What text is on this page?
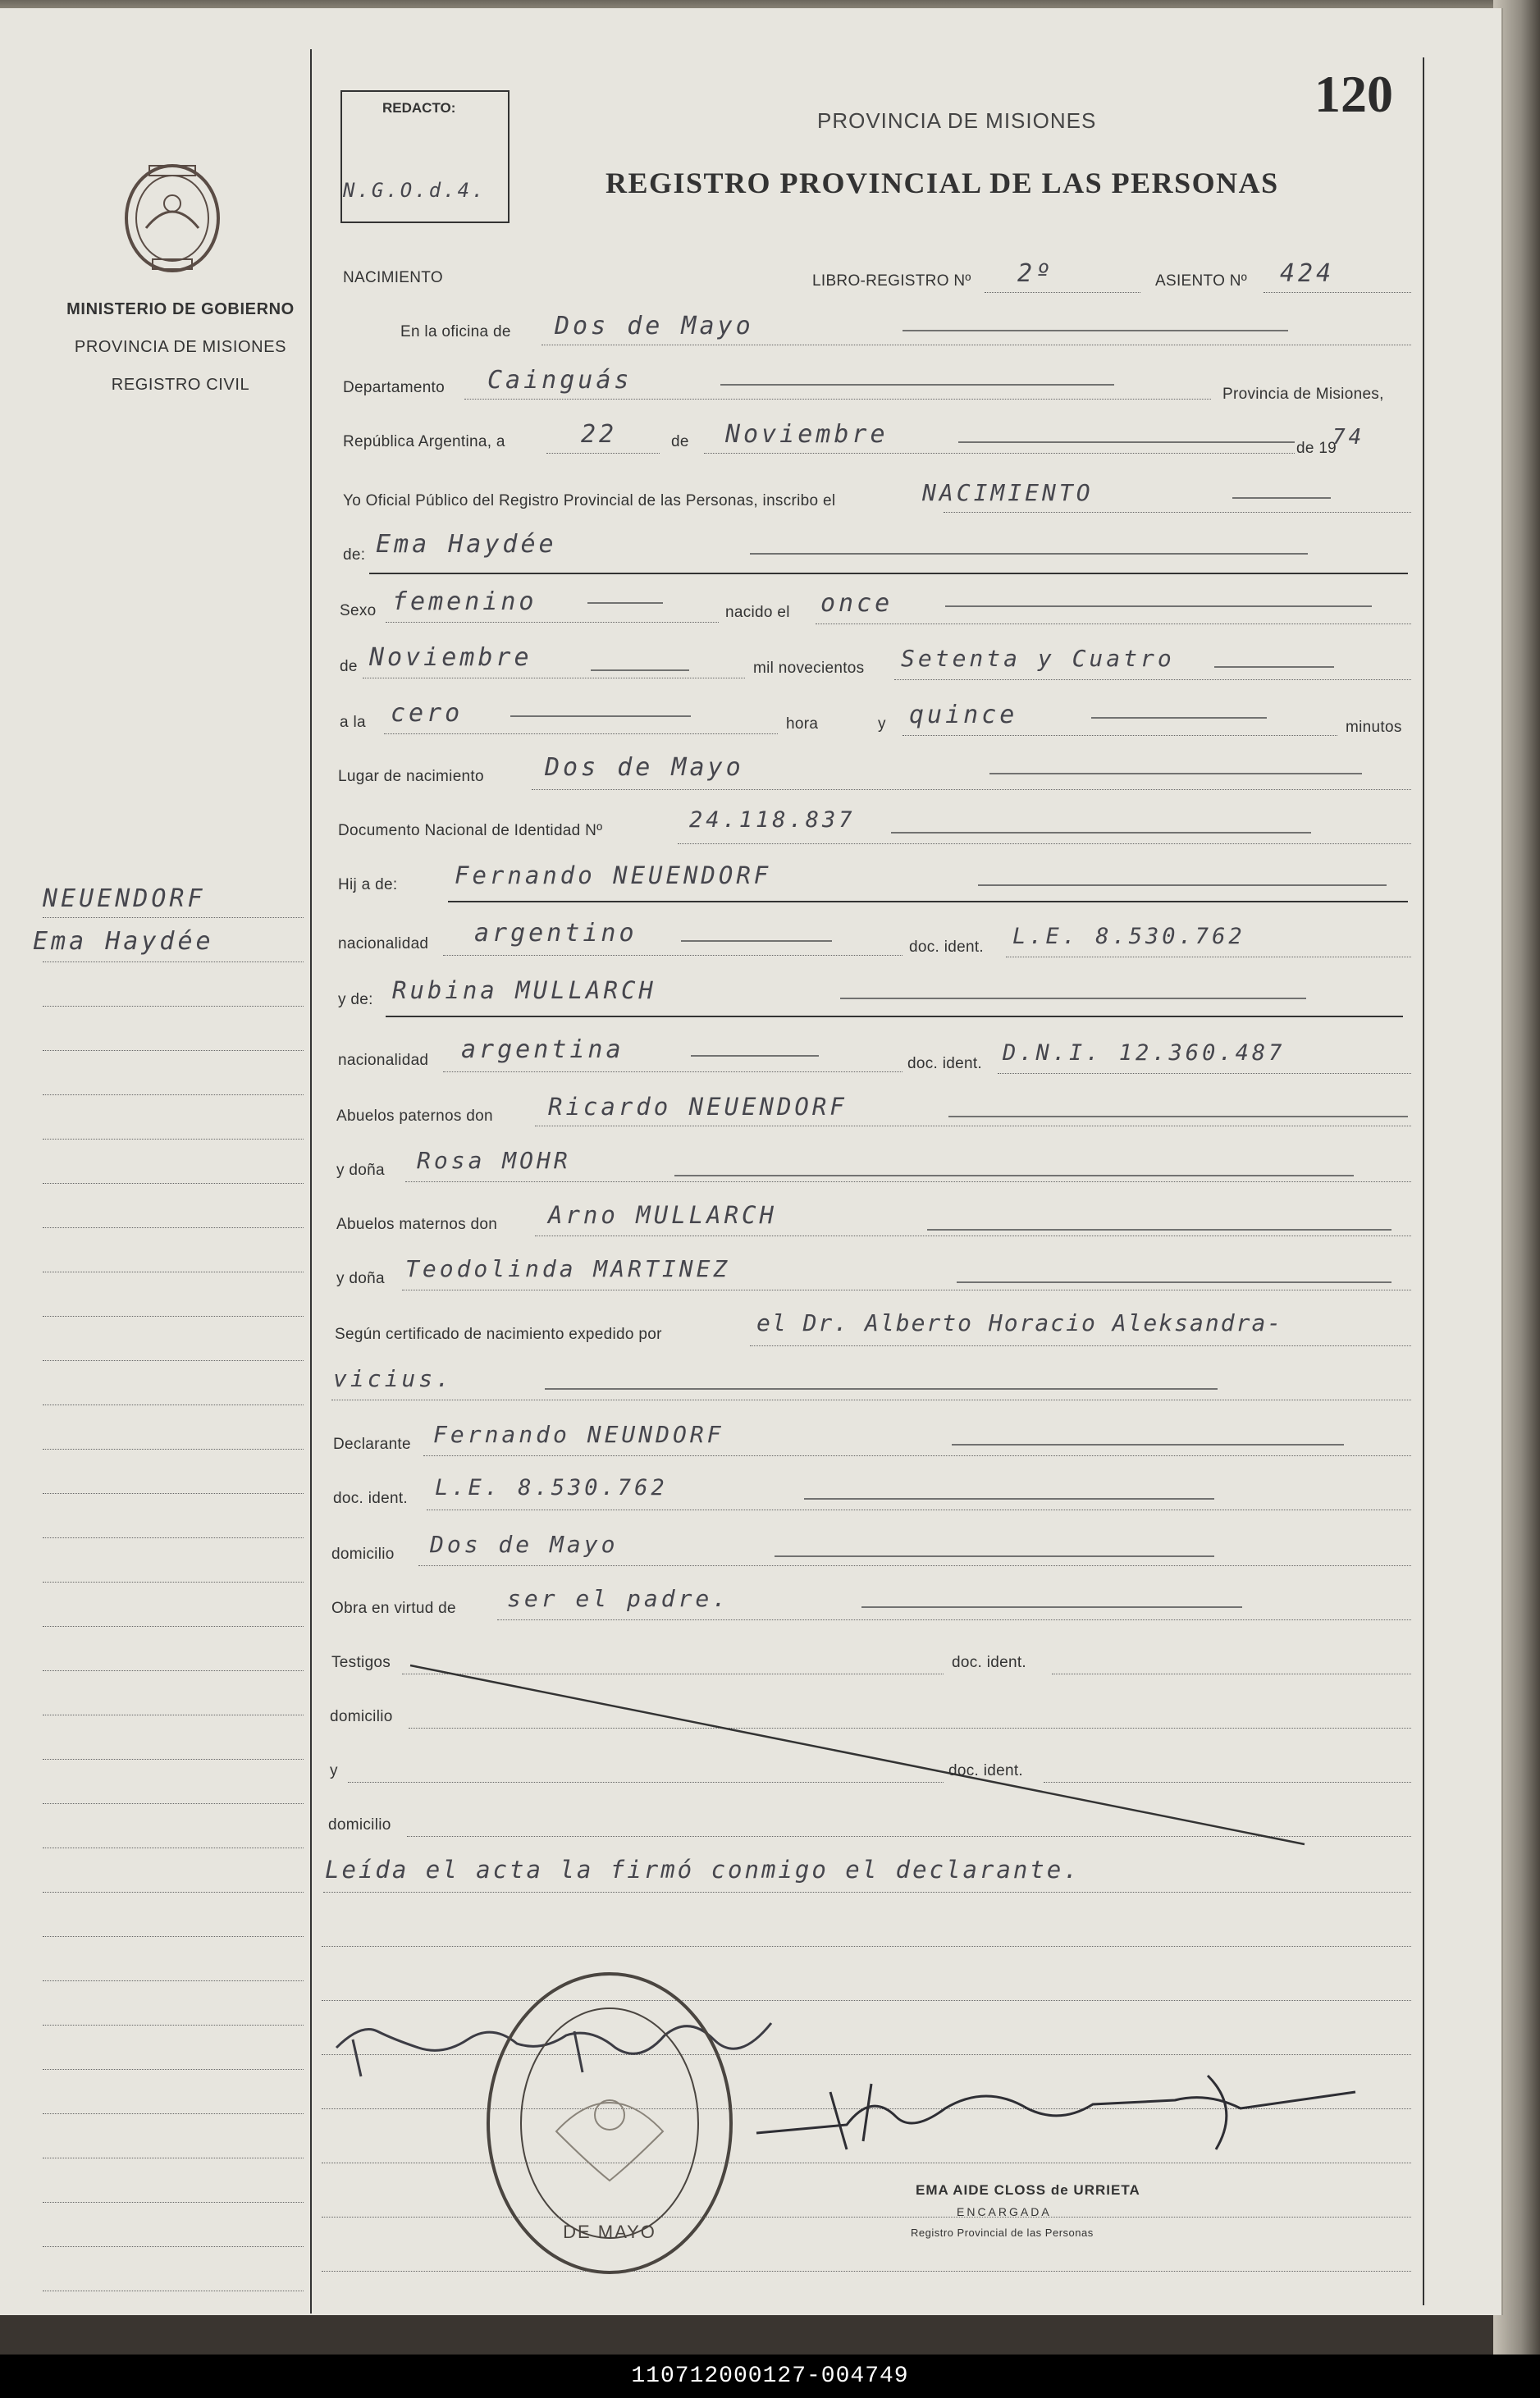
120
REDACTO:
N.G.O.d.4.
PROVINCIA DE MISIONES
REGISTRO PROVINCIAL DE LAS PERSONAS
MINISTERIO DE GOBIERNO
PROVINCIA DE MISIONES
REGISTRO CIVIL
NEUENDORF
Ema Haydée
NACIMIENTO	LIBRO-REGISTRO Nº 2º	ASIENTO Nº 424
En la oficina de Dos de Mayo
Departamento Cainguás	Provincia de Misiones,
República Argentina, a	22	de Noviembre	de 19
74
Yo Oficial Público del Registro Provincial de las Personas, inscribo el	NACIMIENTO
de: Ema Haydée
Sexo femenino	nacido el once
de Noviembre	mil novecientos Setenta y Cuatro
a la cero	hora	y quince	minutos
Lugar de nacimiento Dos de Mayo
Documento Nacional de Identidad Nº	24.118.837
Hij a de: Fernando NEUENDORF
nacionalidad argentino	doc. ident. L.E. 8.530.762
y de: Rubina MULLARCH
nacionalidad argentina	doc. ident. D.N.I. 12.360.487
Abuelos paternos don Ricardo NEUENDORF
y doña Rosa MOHR
Abuelos maternos don Arno MULLARCH
y doña Teodolinda MARTINEZ
Según certificado de nacimiento expedido por	el Dr. Alberto Horacio Aleksandra-
vicius.
Declarante Fernando NEUNDORF
doc. ident. L.E. 8.530.762
domicilio Dos de Mayo
Obra en virtud de ser el padre.
Testigos	doc. ident.
domicilio
y	doc. ident.
domicilio
Leída el acta la firmó conmigo el declarante.
DE MAYO
EMA AIDE CLOSS de URRIETA
ENCARGADA
Registro Provincial de las Personas
110712000127-004749
